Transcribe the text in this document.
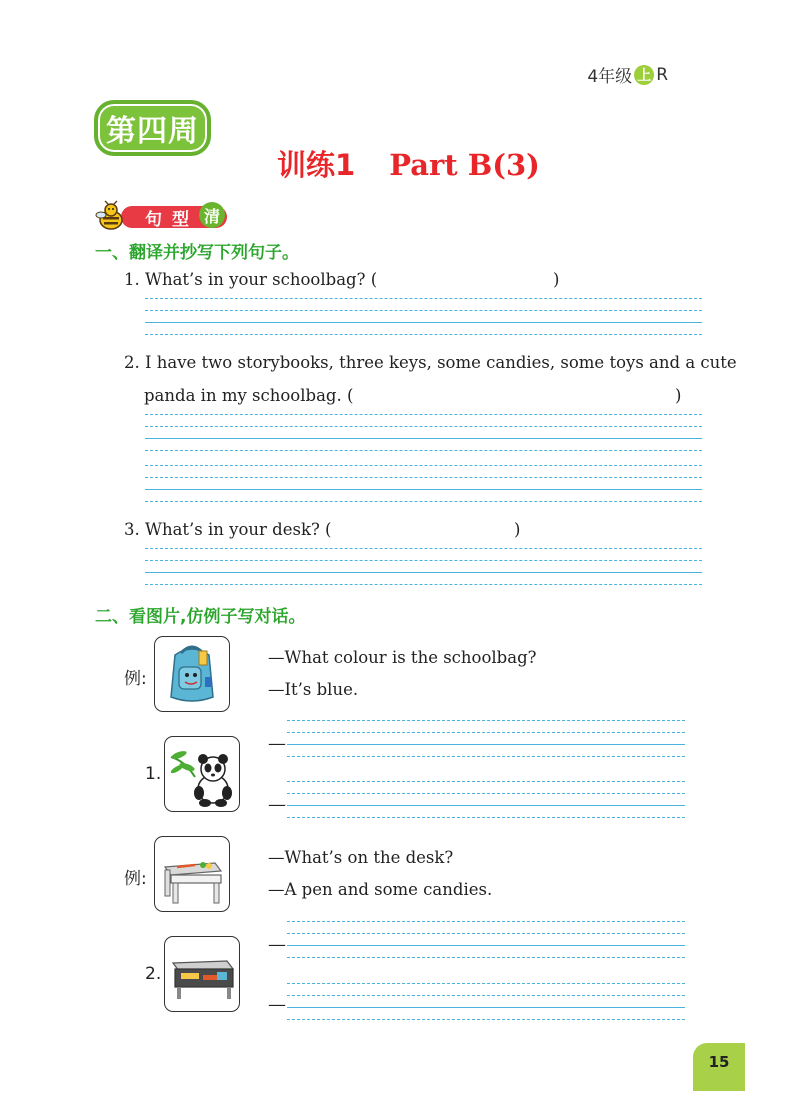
4年级 上 R
第四周
训练1 Part B(3)
句型 清
一、翻译并抄写下列句子。
1. What’s in your schoolbag? (	)
2. I have two storybooks, three keys, some candies, some toys and a cute
panda in my schoolbag. (	)
3. What’s in your desk? (	)
二、看图片,仿例子写对话。
例:
—What colour is the schoolbag?
—It’s blue.
1.
—
—
例:
—What’s on the desk?
—A pen and some candies.
2.
—
—
15
